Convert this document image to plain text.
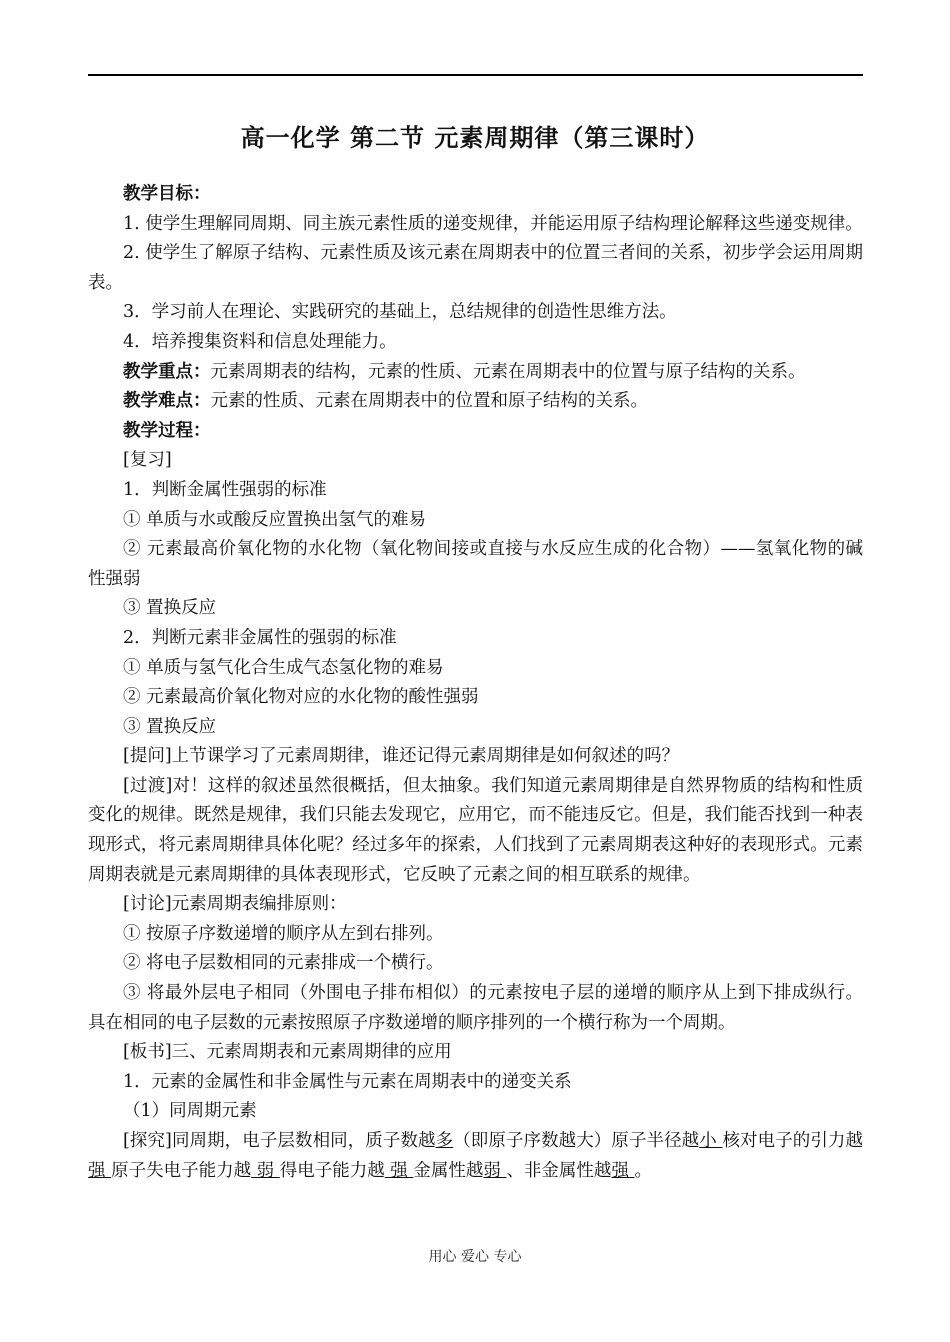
高一化学 第二节 元素周期律（第三课时）

教学目标：

1. 使学生理解同周期、同主族元素性质的递变规律，并能运用原子结构理论解释这些递变规律。

2. 使学生了解原子结构、元素性质及该元素在周期表中的位置三者间的关系，初步学会运用周期表。

3．学习前人在理论、实践研究的基础上，总结规律的创造性思维方法。

4．培养搜集资料和信息处理能力。

教学重点：元素周期表的结构，元素的性质、元素在周期表中的位置与原子结构的关系。

教学难点：元素的性质、元素在周期表中的位置和原子结构的关系。

教学过程：

[复习]

1．判断金属性强弱的标准

① 单质与水或酸反应置换出氢气的难易

② 元素最高价氧化物的水化物（氧化物间接或直接与水反应生成的化合物）——氢氧化物的碱性强弱

③ 置换反应

2．判断元素非金属性的强弱的标准

① 单质与氢气化合生成气态氢化物的难易

② 元素最高价氧化物对应的水化物的酸性强弱

③ 置换反应

[提问]上节课学习了元素周期律，谁还记得元素周期律是如何叙述的吗？

[过渡]对！这样的叙述虽然很概括，但太抽象。我们知道元素周期律是自然界物质的结构和性质变化的规律。既然是规律，我们只能去发现它，应用它，而不能违反它。但是，我们能否找到一种表现形式，将元素周期律具体化呢？经过多年的探索，人们找到了元素周期表这种好的表现形式。元素周期表就是元素周期律的具体表现形式，它反映了元素之间的相互联系的规律。

[讨论]元素周期表编排原则：

① 按原子序数递增的顺序从左到右排列。

② 将电子层数相同的元素排成一个横行。

③ 将最外层电子相同（外围电子排布相似）的元素按电子层的递增的顺序从上到下排成纵行。具在相同的电子层数的元素按照原子序数递增的顺序排列的一个横行称为一个周期。

[板书]三、元素周期表和元素周期律的应用

1．元素的金属性和非金属性与元素在周期表中的递变关系

（1）同周期元素

[探究]同周期，电子层数相同，质子数越多（即原子序数越大）原子半径越小 核对电子的引力越 强 原子失电子能力越 弱 得电子能力越 强 金属性越弱 、非金属性越强 。

用心 爱心 专心
